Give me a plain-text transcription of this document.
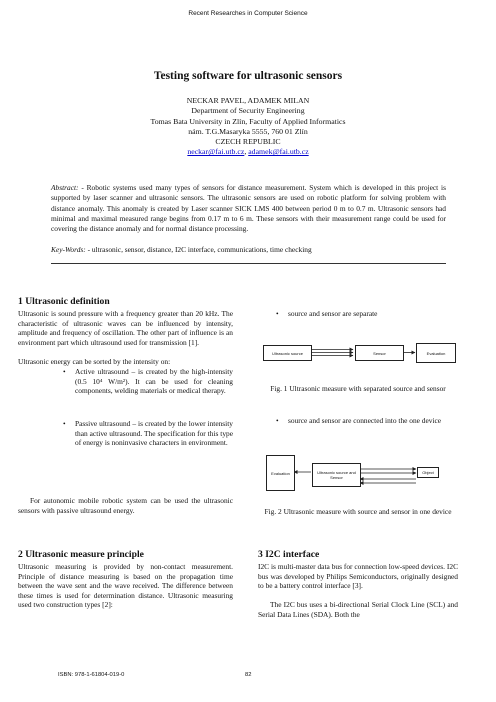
Recent Researches in Computer Science
Testing software for ultrasonic sensors
NECKAR PAVEL, ADAMEK MILAN
Department of Security Engineering
Tomas Bata University in Zlín, Faculty of Applied Informatics
nám. T.G.Masaryka 5555, 760 01 Zlín
CZECH REPUBLIC
neckar@fai.utb.cz, adamek@fai.utb.cz
Abstract: - Robotic systems used many types of sensors for distance measurement. System which is developed in this project is supported by laser scanner and ultrasonic sensors. The ultrasonic sensors are used on robotic platform for solving problem with distance anomaly. This anomaly is created by Laser scanner SICK LMS 400 between period 0 m to 0.7 m. Ultrasonic sensors had minimal and maximal measured range begins from 0.17 m to 6 m. These sensors with their measurement range could be used for covering the distance anomaly and for normal distance processing.
Key-Words: - ultrasonic, sensor, distance, I2C interface, communications, time checking
1 Ultrasonic definition
Ultrasonic is sound pressure with a frequency greater than 20 kHz. The characteristic of ultrasonic waves can be influenced by intensity, amplitude and frequency of oscillation. The other part of influence is an environment part which ultrasound used for transmission [1].
Ultrasonic energy can be sorted by the intensity on:
• Active ultrasound – is created by the high-intensity (0.5 10⁴ W/m²). It can be used for cleaning components, welding materials or medical therapy.
• Passive ultrasound – is created by the lower intensity than active ultrasound. The specification for this type of energy is noninvasive characters in environment.
For autonomic mobile robotic system can be used the ultrasonic sensors with passive ultrasound energy.
2 Ultrasonic measure principle
Ultrasonic measuring is provided by non-contact measurement. Principle of distance measuring is based on the propagation time between the wave sent and the wave received. The difference between these times is used for determination distance. Ultrasonic measuring used two construction types [2]:
• source and sensor are separate
Ultrasonic source	Sensor	Evaluation
Fig. 1 Ultrasonic measure with separated source and sensor
• source and sensor are connected into the one device
Evaluation	Ultrasonic source and Sensor
Object
Fig. 2 Ultrasonic measure with source and sensor in one device
3 I2C interface
I2C is multi-master data bus for connection low-speed devices. I2C bus was developed by Philips Semiconductors, originally designed to be a battery control interface [3].
The I2C bus uses a bi-directional Serial Clock Line (SCL) and Serial Data Lines (SDA). Both the
ISBN: 978-1-61804-019-0	82
